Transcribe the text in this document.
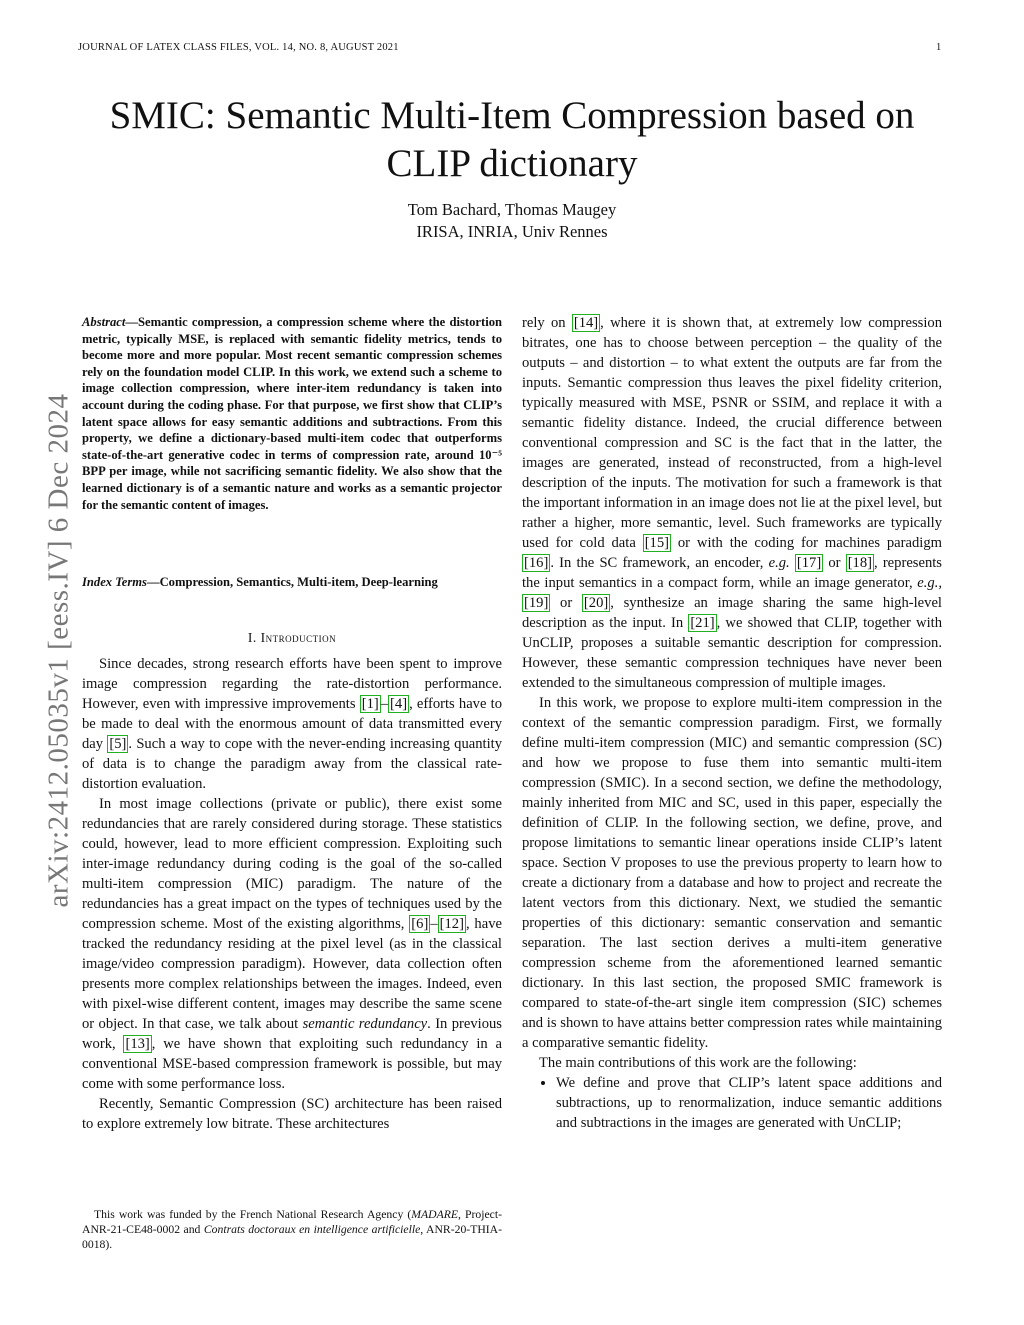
JOURNAL OF LATEX CLASS FILES, VOL. 14, NO. 8, AUGUST 2021	1
SMIC: Semantic Multi-Item Compression based on
CLIP dictionary
Tom Bachard, Thomas Maugey
IRISA, INRIA, Univ Rennes
arXiv:2412.05035v1 [eess.IV] 6 Dec 2024
Abstract—Semantic compression, a compression scheme where the distortion metric, typically MSE, is replaced with semantic fidelity metrics, tends to become more and more popular. Most recent semantic compression schemes rely on the foundation model CLIP. In this work, we extend such a scheme to image collection compression, where inter-item redundancy is taken into account during the coding phase. For that purpose, we first show that CLIP’s latent space allows for easy semantic additions and subtractions. From this property, we define a dictionary-based multi-item codec that outperforms state-of-the-art generative codec in terms of compression rate, around 10⁻⁵ BPP per image, while not sacrificing semantic fidelity. We also show that the learned dictionary is of a semantic nature and works as a semantic projector for the semantic content of images.
Index Terms—Compression, Semantics, Multi-item, Deep-learning
I. Introduction

Since decades, strong research efforts have been spent to improve image compression regarding the rate-distortion performance. However, even with impressive improvements [1] – [4] , efforts have to be made to deal with the enormous amount of data transmitted every day [5] . Such a way to cope with the never-ending increasing quantity of data is to change the paradigm away from the classical rate-distortion evaluation.

In most image collections (private or public), there exist some redundancies that are rarely considered during storage. These statistics could, however, lead to more efficient compression. Exploiting such inter-image redundancy during coding is the goal of the so-called multi-item compression (MIC) paradigm. The nature of the redundancies has a great impact on the types of techniques used by the compression scheme. Most of the existing algorithms, [6] – [12] , have tracked the redundancy residing at the pixel level (as in the classical image/video compression paradigm). However, data collection often presents more complex relationships between the images. Indeed, even with pixel-wise different content, images may describe the same scene or object. In that case, we talk about semantic redundancy. In previous work, [13] , we have shown that exploiting such redundancy in a conventional MSE-based compression framework is possible, but may come with some performance loss.

Recently, Semantic Compression (SC) architecture has been raised to explore extremely low bitrate. These architectures

This work was funded by the French National Research Agency (MADARE, Project-ANR-21-CE48-0002 and Contrats doctoraux en intelligence artificielle, ANR-20-THIA-0018).

rely on [14] , where it is shown that, at extremely low compression bitrates, one has to choose between perception – the quality of the outputs – and distortion – to what extent the outputs are far from the inputs. Semantic compression thus leaves the pixel fidelity criterion, typically measured with MSE, PSNR or SSIM, and replace it with a semantic fidelity distance. Indeed, the crucial difference between conventional compression and SC is the fact that in the latter, the images are generated, instead of reconstructed, from a high-level description of the inputs. The motivation for such a framework is that the important information in an image does not lie at the pixel level, but rather a higher, more semantic, level. Such frameworks are typically used for cold data [15] or with the coding for machines paradigm [16] . In the SC framework, an encoder, e.g. [17] or [18] , represents the input semantics in a compact form, while an image generator, e.g., [19] or [20] , synthesize an image sharing the same high-level description as the input. In [21] , we showed that CLIP, together with UnCLIP, proposes a suitable semantic description for compression. However, these semantic compression techniques have never been extended to the simultaneous compression of multiple images.

In this work, we propose to explore multi-item compression in the context of the semantic compression paradigm. First, we formally define multi-item compression (MIC) and semantic compression (SC) and how we propose to fuse them into semantic multi-item compression (SMIC). In a second section, we define the methodology, mainly inherited from MIC and SC, used in this paper, especially the definition of CLIP. In the following section, we define, prove, and propose limitations to semantic linear operations inside CLIP’s latent space. Section V proposes to use the previous property to learn how to create a dictionary from a database and how to project and recreate the latent vectors from this dictionary. Next, we studied the semantic properties of this dictionary: semantic conservation and semantic separation. The last section derives a multi-item generative compression scheme from the aforementioned learned semantic dictionary. In this last section, the proposed SMIC framework is compared to state-of-the-art single item compression (SIC) schemes and is shown to have attains better compression rates while maintaining a comparative semantic fidelity.

The main contributions of this work are the following:

• We define and prove that CLIP’s latent space additions and subtractions, up to renormalization, induce semantic additions and subtractions in the images are generated with UnCLIP;
